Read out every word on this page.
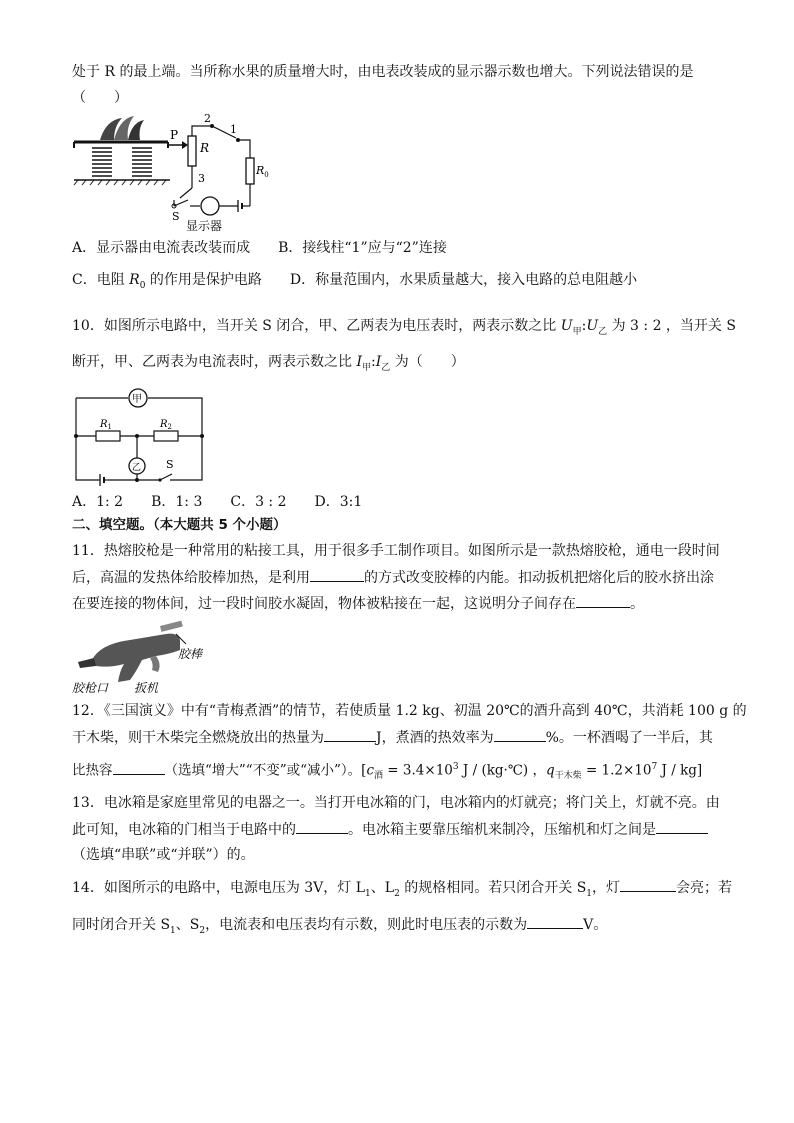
处于 R 的最上端。当所称水果的质量增大时，由电表改装成的显示器示数也增大。下列说法错误的是
（　　）
P
R
2
1
$R_0$
3
S
显示器
A．显示器由电流表改装而成　　B．接线柱“1”应与“2”连接
C．电阻 $R_0$ 的作用是保护电路　　D．称量范围内，水果质量越大，接入电路的总电阻越小
10．如图所示电路中，当开关 S 闭合，甲、乙两表为电压表时，两表示数之比 $U_甲:U_乙$ 为 3 : 2 ，当开关 S
断开，甲、乙两表为电流表时，两表示数之比 $I_甲:I_乙$ 为（　　）
甲
$R_1$	$R_2$
乙 S
A．1: 2　　B．1: 3　　C．3 : 2　　D．3:1
二、填空题。（本大题共 5 个小题）
11．热熔胶枪是一种常用的粘接工具，用于很多手工制作项目。如图所示是一款热熔胶枪，通电一段时间
后，高温的发热体给胶棒加热，是利用	的方式改变胶棒的内能。扣动扳机把熔化后的胶水挤出涂
在要连接的物体间，过一段时间胶水凝固，物体被粘接在一起，这说明分子间存在	。
胶棒
胶枪口 扳机
12．《三国演义》中有“青梅煮酒”的情节，若使质量 1.2 kg、初温 20℃的酒升高到 40℃，共消耗 100 g 的
干木柴，则干木柴完全燃烧放出的热量为	J，煮酒的热效率为	%。一杯酒喝了一半后，其
比热容	（选填“增大”“不变”或“减小”）。[$c_酒 = 3.4\times 10^3$ J / (kg·℃) ，$q_{干木柴} = 1.2\times 10^7$ J / kg]
13．电冰箱是家庭里常见的电器之一。当打开电冰箱的门，电冰箱内的灯就亮；将门关上，灯就不亮。由
此可知，电冰箱的门相当于电路中的	。电冰箱主要靠压缩机来制冷，压缩机和灯之间是
（选填“串联”或“并联”）的。
14．如图所示的电路中，电源电压为 3V，灯 $L_1$、$L_2$ 的规格相同。若只闭合开关 $S_1$，灯	会亮；若
同时闭合开关 $S_1$、$S_2$，电流表和电压表均有示数，则此时电压表的示数为	V。
